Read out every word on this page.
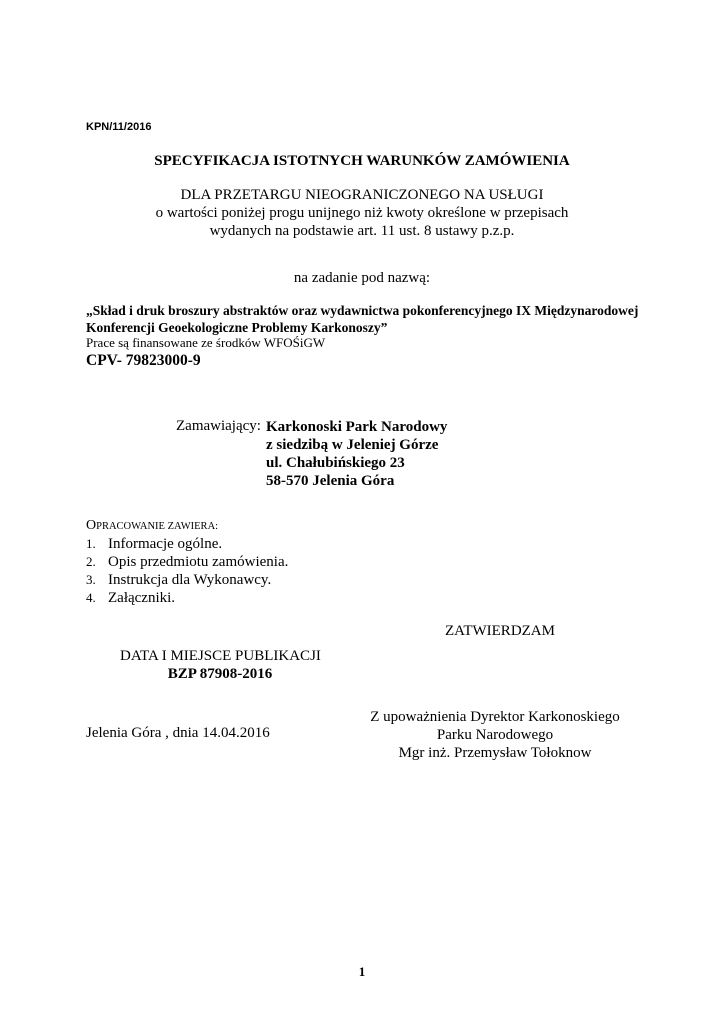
KPN/11/2016
SPECYFIKACJA ISTOTNYCH WARUNKÓW ZAMÓWIENIA
DLA PRZETARGU NIEOGRANICZONEGO NA USŁUGI
o wartości poniżej progu unijnego niż kwoty określone w przepisach
wydanych na podstawie art. 11 ust. 8 ustawy p.z.p.
na zadanie pod nazwą:
„Skład i druk broszury abstraktów oraz wydawnictwa pokonferencyjnego IX Międzynarodowej
Konferencji Geoekologiczne Problemy Karkonoszy”
Prace są finansowane ze środków WFOŚiGW
CPV- 79823000-9
Zamawiający: Karkonoski Park Narodowy
z siedzibą w Jeleniej Górze
ul. Chałubińskiego 23
58-570 Jelenia Góra
OPRACOWANIE ZAWIERA:
1. Informacje ogólne.
2. Opis przedmiotu zamówienia.
3. Instrukcja dla Wykonawcy.
4. Załączniki.
ZATWIERDZAM
DATA I MIEJSCE PUBLIKACJI
BZP 87908-2016
Z upoważnienia Dyrektor Karkonoskiego
Parku Narodowego
Mgr inż. Przemysław Tołoknow
Jelenia Góra , dnia 14.04.2016
1
